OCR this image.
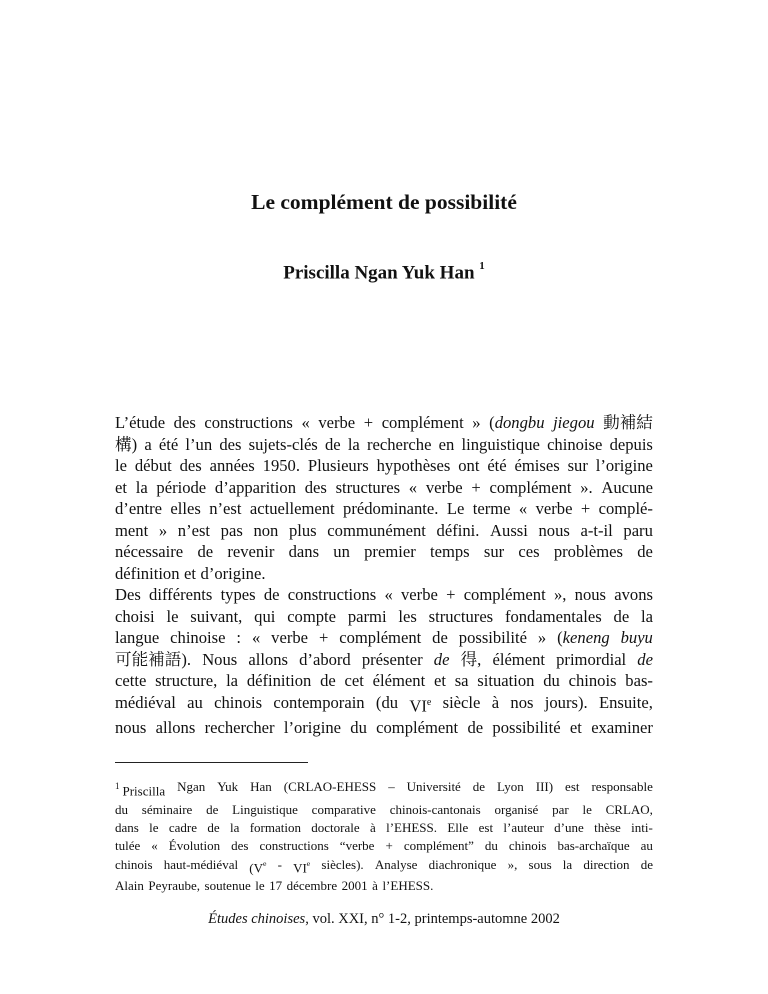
Le complément de possibilité
Priscilla Ngan Yuk Han $^1$
L’étude des constructions « verbe + complément » (dongbu jiegou 動補結
構) a été l’un des sujets-clés de la recherche en linguistique chinoise depuis
le début des années 1950. Plusieurs hypothèses ont été émises sur l’origine
et la période d’apparition des structures « verbe + complément ». Aucune
d’entre elles n’est actuellement prédominante. Le terme « verbe + complé-
ment » n’est pas non plus communément défini. Aussi nous a-t-il paru
nécessaire de revenir dans un premier temps sur ces problèmes de
définition et d’origine.
Des différents types de constructions « verbe + complément », nous avons
choisi le suivant, qui compte parmi les structures fondamentales de la
langue chinoise : « verbe + complément de possibilité » (keneng buyu
可能補語). Nous allons d’abord présenter de 得, élément primordial de
cette structure, la définition de cet élément et sa situation du chinois bas-
médiéval au chinois contemporain (du VIe siècle à nos jours). Ensuite,
nous allons rechercher l’origine du complément de possibilité et examiner
$^1$ Priscilla Ngan Yuk Han (CRLAO-EHESS – Université de Lyon III) est responsable
du séminaire de Linguistique comparative chinois-cantonais organisé par le CRLAO,
dans le cadre de la formation doctorale à l’EHESS. Elle est l’auteur d’une thèse inti-
tulée « Évolution des constructions “verbe + complément” du chinois bas-archaïque au
chinois haut-médiéval (Ve - VIe siècles). Analyse diachronique », sous la direction de
Alain Peyraube, soutenue le 17 décembre 2001 à l’EHESS.
Études chinoises, vol. XXI, n° 1-2, printemps-automne 2002
